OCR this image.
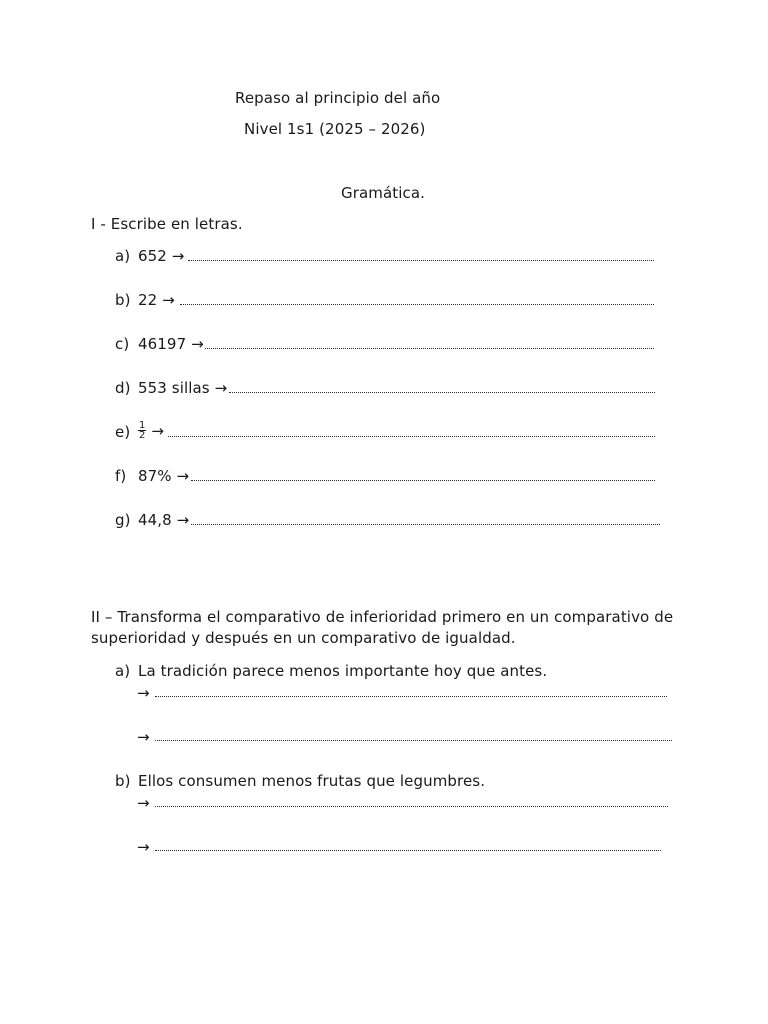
Repaso al principio del año
Nivel 1s1 (2025 – 2026)
Gramática.
I - Escribe en letras.
a) 652 →
b) 22 →
c) 46197 →
d) 553 sillas →
$e) \frac{1}{2}$ →
f) 87% →
g) 44,8 →
II – Transforma el comparativo de inferioridad primero en un comparativo de
superioridad y después en un comparativo de igualdad.
a) La tradición parece menos importante hoy que antes.
→
→
b) Ellos consumen menos frutas que legumbres.
→
→
